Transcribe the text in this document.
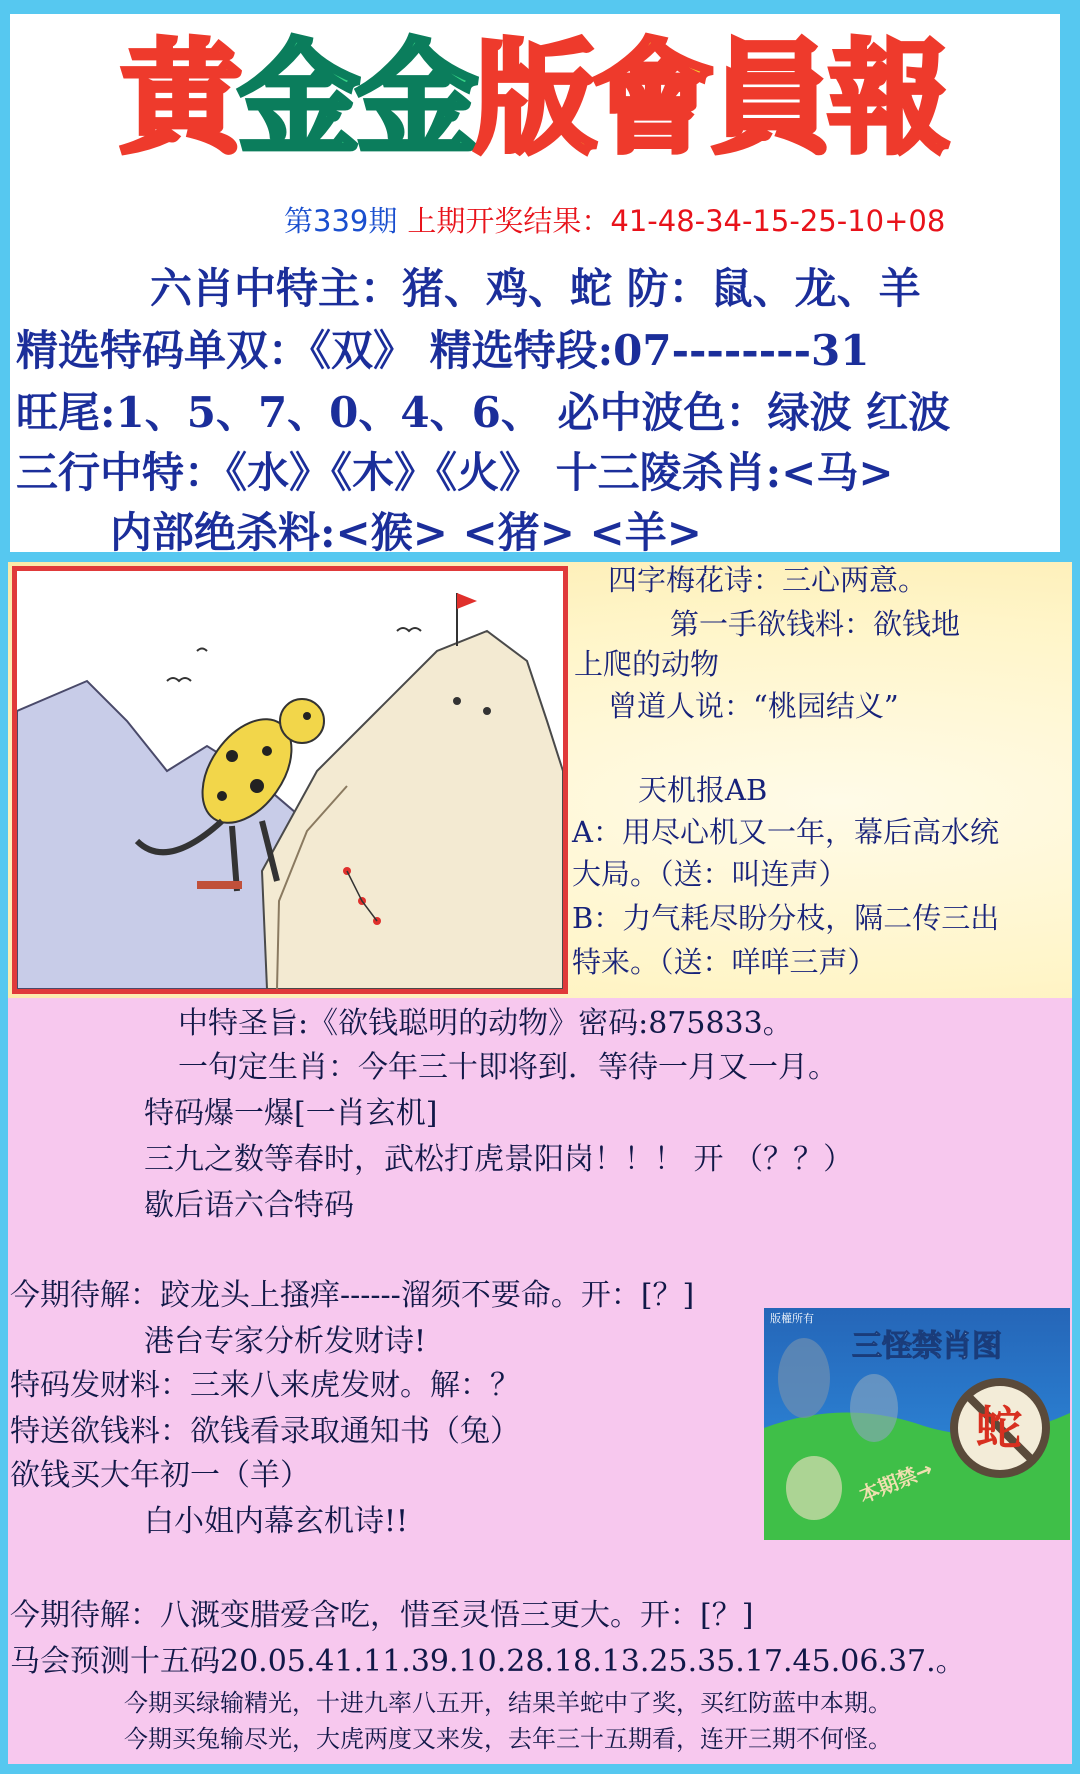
黄金金版會員報
第339期 上期开奖结果：41-48-34-15-25-10+08
六肖中特主：猪、鸡、蛇 防：鼠、龙、羊
精选特码单双：《双》 精选特段:07--------31
旺尾:1、5、7、0、4、6、 必中波色：绿波 红波
三行中特：《水》《木》《火》 十三陵杀肖:<马>
内部绝杀料:<猴> <猪> <羊>
四字梅花诗：三心两意。
第一手欲钱料：欲钱地
上爬的动物
曾道人说：“桃园结义”
天机报AB
A：用尽心机又一年，幕后高水统
大局。（送：叫连声）
B：力气耗尽盼分枝，隔二传三出
特来。（送：咩咩三声）
中特圣旨:《欲钱聪明的动物》密码:875833。
一句定生肖：今年三十即将到．等待一月又一月。
特码爆一爆[一肖玄机]
三九之数等春时，武松打虎景阳岗！！！ 开 （？？）
歇后语六合特码
今期待解：跤龙头上搔痒------溜须不要命。开：[？]
港台专家分析发财诗!
特码发财料：三来八来虎发财。解：？
特送欲钱料：欲钱看录取通知书（兔）
欲钱买大年初一（羊）
白小姐内幕玄机诗!!
今期待解：八溉变腊爱含吃，惜至灵悟三更大。开：[？]
马会预测十五码20.05.41.11.39.10.28.18.13.25.35.17.45.06.37.。
今期买绿输精光，十进九率八五开，结果羊蛇中了奖，买红防蓝中本期。
今期买兔输尽光，大虎两度又来发，去年三十五期看，连开三期不何怪。
版權所有
三怪禁肖图
蛇
本期禁→
